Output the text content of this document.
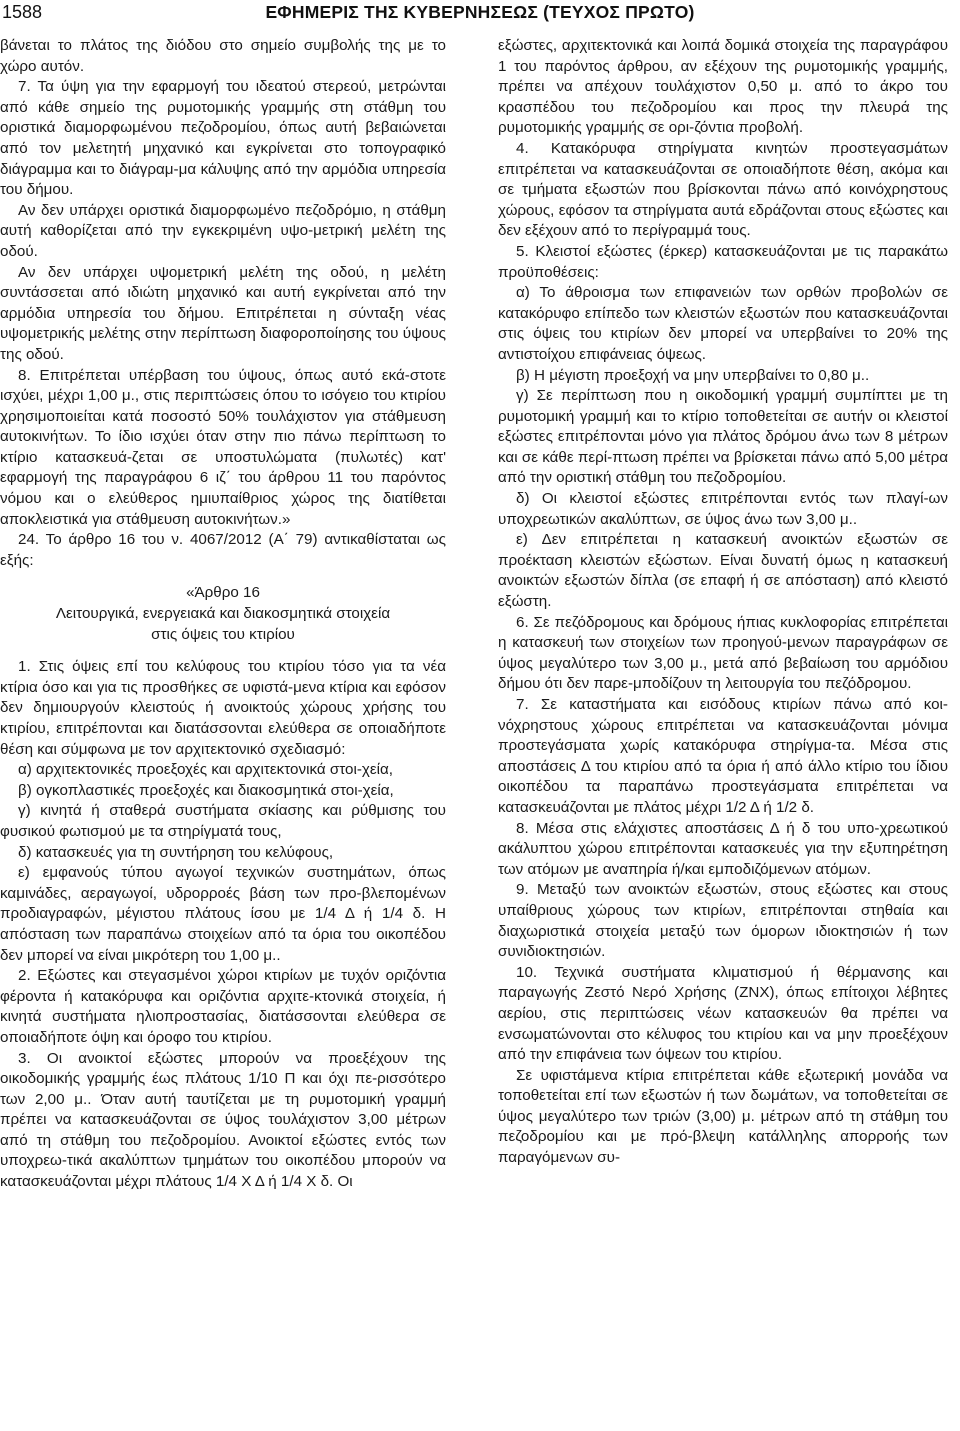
1588	ΕΦΗΜΕΡΙΣ ΤΗΣ ΚΥΒΕΡΝΗΣΕΩΣ (ΤΕΥΧΟΣ ΠΡΩΤΟ)

βάνεται το πλάτος της διόδου στο σημείο συμβολής της με το χώρο αυτόν.

7. Τα ύψη για την εφαρμογή του ιδεατού στερεού, μετρώνται από κάθε σημείο της ρυμοτομικής γραμμής στη στάθμη του οριστικά διαμορφωμένου πεζοδρομίου, όπως αυτή βεβαιώνεται από τον μελετητή μηχανικό και εγκρίνεται στο τοπογραφικό διάγραμμα και το διάγραμ-μα κάλυψης από την αρμόδια υπηρεσία του δήμου.

Αν δεν υπάρχει οριστικά διαμορφωμένο πεζοδρόμιο, η στάθμη αυτή καθορίζεται από την εγκεκριμένη υψο-μετρική μελέτη της οδού.

Αν δεν υπάρχει υψομετρική μελέτη της οδού, η μελέτη συντάσσεται από ιδιώτη μηχανικό και αυτή εγκρίνεται από την αρμόδια υπηρεσία του δήμου. Επιτρέπεται η σύνταξη νέας υψομετρικής μελέτης στην περίπτωση διαφοροποίησης του ύψους της οδού.

8. Επιτρέπεται υπέρβαση του ύψους, όπως αυτό εκά-στοτε ισχύει, μέχρι 1,00 μ., στις περιπτώσεις όπου το ισόγειο του κτιρίου χρησιμοποιείται κατά ποσοστό 50% τουλάχιστον για στάθμευση αυτοκινήτων. Το ίδιο ισχύει όταν στην πιο πάνω περίπτωση το κτίριο κατασκευά-ζεται σε υποστυλώματα (πυλωτές) κατ' εφαρμογή της παραγράφου 6 ιζ΄ του άρθρου 11 του παρόντος νόμου και ο ελεύθερος ημιυπαίθριος χώρος της διατίθεται αποκλειστικά για στάθμευση αυτοκινήτων.»

24. Το άρθρο 16 του ν. 4067/2012 (Α΄ 79) αντικαθίσταται ως εξής:

«Άρθρο 16

Λειτουργικά, ενεργειακά και διακοσμητικά στοιχεία

στις όψεις του κτιρίου

1. Στις όψεις επί του κελύφους του κτιρίου τόσο για τα νέα κτίρια όσο και για τις προσθήκες σε υφιστά-μενα κτίρια και εφόσον δεν δημιουργούν κλειστούς ή ανοικτούς χώρους χρήσης του κτιρίου, επιτρέπονται και διατάσσονται ελεύθερα σε οποιαδήποτε θέση και σύμφωνα με τον αρχιτεκτονικό σχεδιασμό:

α) αρχιτεκτονικές προεξοχές και αρχιτεκτονικά στοι-χεία,

β) ογκοπλαστικές προεξοχές και διακοσμητικά στοι-χεία,

γ) κινητά ή σταθερά συστήματα σκίασης και ρύθμισης του φυσικού φωτισμού με τα στηρίγματά τους,

δ) κατασκευές για τη συντήρηση του κελύφους,

ε) εμφανούς τύπου αγωγοί τεχνικών συστημάτων, όπως καμινάδες, αεραγωγοί, υδρορροές βάση των προ-βλεπομένων προδιαγραφών, μέγιστου πλάτους ίσου με 1/4 Δ ή 1/4 δ. Η απόσταση των παραπάνω στοιχείων από τα όρια του οικοπέδου δεν μπορεί να είναι μικρότερη του 1,00 μ..

2. Εξώστες και στεγασμένοι χώροι κτιρίων με τυχόν οριζόντια φέροντα ή κατακόρυφα και οριζόντια αρχιτε-κτονικά στοιχεία, ή κινητά συστήματα ηλιοπροστασίας, διατάσσονται ελεύθερα σε οποιαδήποτε όψη και όροφο του κτιρίου.

3. Οι ανοικτοί εξώστες μπορούν να προεξέχουν της οικοδομικής γραμμής έως πλάτους 1/10 Π και όχι πε-ρισσότερο των 2,00 μ.. Όταν αυτή ταυτίζεται με τη ρυμοτομική γραμμή πρέπει να κατασκευάζονται σε ύψος τουλάχιστον 3,00 μέτρων από τη στάθμη του πεζοδρομίου. Ανοικτοί εξώστες εντός των υποχρεω-τικά ακαλύπτων τμημάτων του οικοπέδου μπορούν να κατασκευάζονται μέχρι πλάτους 1/4 Χ Δ ή 1/4 Χ δ. Οι

εξώστες, αρχιτεκτονικά και λοιπά δομικά στοιχεία της παραγράφου 1 του παρόντος άρθρου, αν εξέχουν της ρυμοτομικής γραμμής, πρέπει να απέχουν τουλάχιστον 0,50 μ. από το άκρο του κρασπέδου του πεζοδρομίου και προς την πλευρά της ρυμοτομικής γραμμής σε ορι-ζόντια προβολή.

4. Κατακόρυφα στηρίγματα κινητών προστεγασμάτων επιτρέπεται να κατασκευάζονται σε οποιαδήποτε θέση, ακόμα και σε τμήματα εξωστών που βρίσκονται πάνω από κοινόχρηστους χώρους, εφόσον τα στηρίγματα αυτά εδράζονται στους εξώστες και δεν εξέχουν από το περίγραμμά τους.

5. Κλειστοί εξώστες (έρκερ) κατασκευάζονται με τις παρακάτω προϋποθέσεις:

α) Το άθροισμα των επιφανειών των ορθών προβολών σε κατακόρυφο επίπεδο των κλειστών εξωστών που κατασκευάζονται στις όψεις του κτιρίων δεν μπορεί να υπερβαίνει το 20% της αντιστοίχου επιφάνειας όψεως.

β) Η μέγιστη προεξοχή να μην υπερβαίνει το 0,80 μ..

γ) Σε περίπτωση που η οικοδομική γραμμή συμπίπτει με τη ρυμοτομική γραμμή και το κτίριο τοποθετείται σε αυτήν οι κλειστοί εξώστες επιτρέπονται μόνο για πλάτος δρόμου άνω των 8 μέτρων και σε κάθε περί-πτωση πρέπει να βρίσκεται πάνω από 5,00 μέτρα από την οριστική στάθμη του πεζοδρομίου.

δ) Οι κλειστοί εξώστες επιτρέπονται εντός των πλαγί-ων υποχρεωτικών ακαλύπτων, σε ύψος άνω των 3,00 μ..

ε) Δεν επιτρέπεται η κατασκευή ανοικτών εξωστών σε προέκταση κλειστών εξώστων. Είναι δυνατή όμως η κατασκευή ανοικτών εξωστών δίπλα (σε επαφή ή σε απόσταση) από κλειστό εξώστη.

6. Σε πεζόδρομους και δρόμους ήπιας κυκλοφορίας επιτρέπεται η κατασκευή των στοιχείων των προηγού-μενων παραγράφων σε ύψος μεγαλύτερο των 3,00 μ., μετά από βεβαίωση του αρμόδιου δήμου ότι δεν παρε-μποδίζουν τη λειτουργία του πεζόδρομου.

7. Σε καταστήματα και εισόδους κτιρίων πάνω από κοι-νόχρηστους χώρους επιτρέπεται να κατασκευάζονται μόνιμα προστεγάσματα χωρίς κατακόρυφα στηρίγμα-τα. Μέσα στις αποστάσεις Δ του κτιρίου από τα όρια ή από άλλο κτίριο του ίδιου οικοπέδου τα παραπάνω προστεγάσματα επιτρέπεται να κατασκευάζονται με πλάτος μέχρι 1/2 Δ ή 1/2 δ.

8. Μέσα στις ελάχιστες αποστάσεις Δ ή δ του υπο-χρεωτικού ακάλυπτου χώρου επιτρέπονται κατασκευές για την εξυπηρέτηση των ατόμων με αναπηρία ή/και εμποδιζόμενων ατόμων.

9. Μεταξύ των ανοικτών εξωστών, στους εξώστες και στους υπαίθριους χώρους των κτιρίων, επιτρέπονται στηθαία και διαχωριστικά στοιχεία μεταξύ των όμορων ιδιοκτησιών ή των συνιδιοκτησιών.

10. Τεχνικά συστήματα κλιματισμού ή θέρμανσης και παραγωγής Ζεστό Νερό Χρήσης (ΖΝΧ), όπως επίτοιχοι λέβητες αερίου, στις περιπτώσεις νέων κατασκευών θα πρέπει να ενσωματώνονται στο κέλυφος του κτιρίου και να μην προεξέχουν από την επιφάνεια των όψεων του κτιρίου.

Σε υφιστάμενα κτίρια επιτρέπεται κάθε εξωτερική μονάδα να τοποθετείται επί των εξωστών ή των δωμάτων, να τοποθετείται σε ύψος μεγαλύτερο των τριών (3,00) μ. μέτρων από τη στάθμη του πεζοδρομίου και με πρό-βλεψη κατάλληλης απορροής των παραγόμενων συ-
